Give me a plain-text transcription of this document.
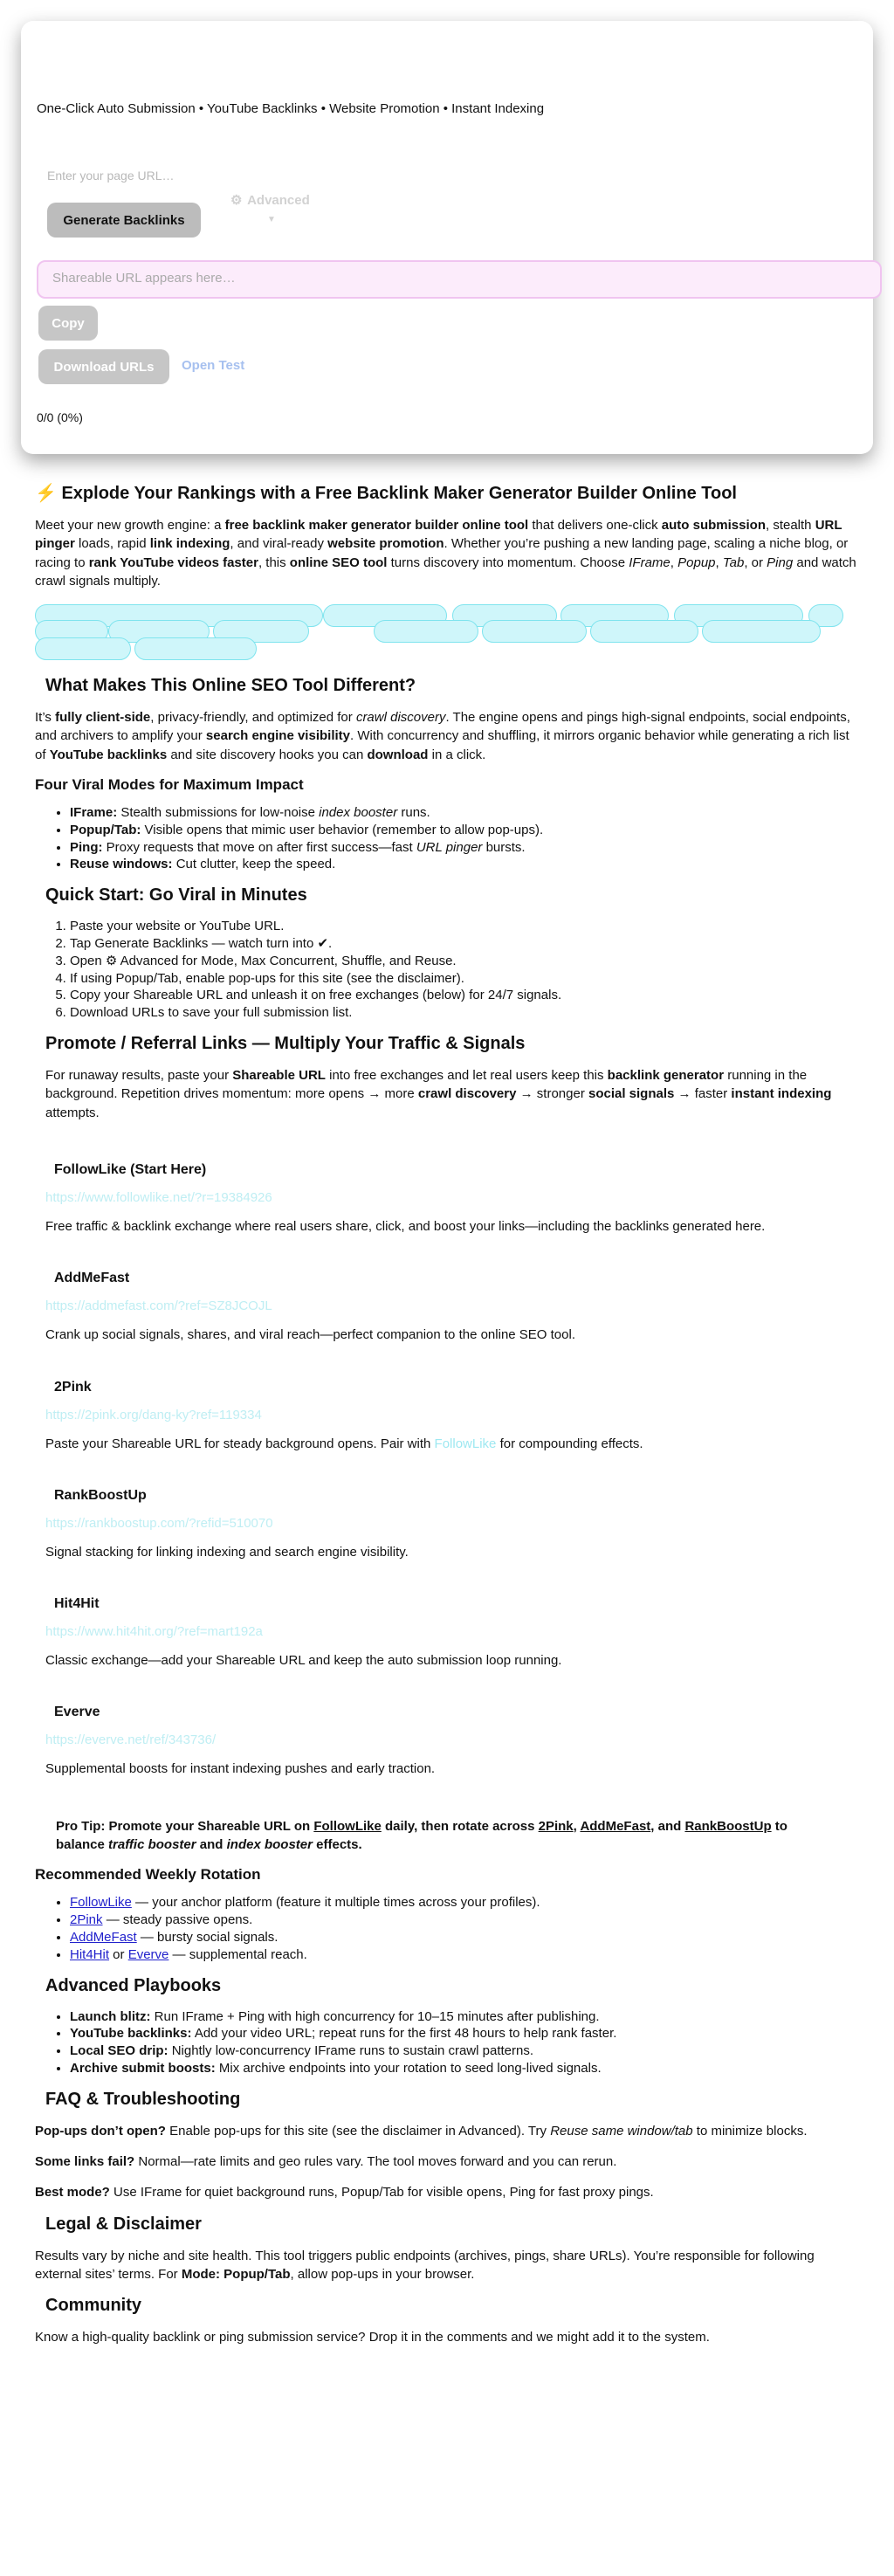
One-Click Auto Submission • YouTube Backlinks • Website Promotion • Instant Indexing
Enter your page URL…
Generate Backlinks
⚙ Advanced
▼
Shareable URL appears here…
Copy
Download URLs	Open Test
0/0 (0%)
⚡ Explode Your Rankings with a Free Backlink Maker Generator Builder Online Tool

Meet your new growth engine: a free backlink maker generator builder online tool that delivers one-click auto submission, stealth URL pinger loads, rapid link indexing, and viral-ready website promotion. Whether you’re pushing a new landing page, scaling a niche blog, or racing to rank YouTube videos faster, this online SEO tool turns discovery into momentum. Choose IFrame, Popup, Tab, or Ping and watch crawl signals multiply.

What Makes This Online SEO Tool Different?

It’s fully client-side, privacy-friendly, and optimized for crawl discovery. The engine opens and pings high-signal endpoints, social endpoints, and archivers to amplify your search engine visibility. With concurrency and shuffling, it mirrors organic behavior while generating a rich list of YouTube backlinks and site discovery hooks you can download in a click.

Four Viral Modes for Maximum Impact
• IFrame: Stealth submissions for low-noise index booster runs.
• Popup/Tab: Visible opens that mimic user behavior (remember to allow pop-ups).
• Ping: Proxy requests that move on after first success—fast URL pinger bursts.
• Reuse windows: Cut clutter, keep the speed.
Quick Start: Go Viral in Minutes
1. Paste your website or YouTube URL.
2. Tap Generate Backlinks — watch turn into ✔.
3. Open ⚙ Advanced for Mode, Max Concurrent, Shuffle, and Reuse.
4. If using Popup/Tab, enable pop-ups for this site (see the disclaimer).
5. Copy your Shareable URL and unleash it on free exchanges (below) for 24/7 signals.
6. Download URLs to save your full submission list.
Promote / Referral Links — Multiply Your Traffic & Signals

For runaway results, paste your Shareable URL into free exchanges and let real users keep this backlink generator running in the background. Repetition drives momentum: more opens → more crawl discovery → stronger social signals → faster instant indexing attempts.

FollowLike (Start Here)
https://www.followlike.net/?r=19384926

Free traffic & backlink exchange where real users share, click, and boost your links—including the backlinks generated here.

AddMeFast
https://addmefast.com/?ref=SZ8JCOJL

Crank up social signals, shares, and viral reach—perfect companion to the online SEO tool.

2Pink
https://2pink.org/dang-ky?ref=119334

Paste your Shareable URL for steady background opens. Pair with FollowLike for compounding effects.

RankBoostUp
https://rankboostup.com/?refid=510070

Signal stacking for linking indexing and search engine visibility.

Hit4Hit
https://www.hit4hit.org/?ref=mart192a

Classic exchange—add your Shareable URL and keep the auto submission loop running.

Everve
https://everve.net/ref/343736/

Supplemental boosts for instant indexing pushes and early traction.

Pro Tip: Promote your Shareable URL on FollowLike daily, then rotate across 2Pink, AddMeFast, and RankBoostUp to balance traffic booster and index booster effects.
Recommended Weekly Rotation
• FollowLike — your anchor platform (feature it multiple times across your profiles).
• 2Pink — steady passive opens.
• AddMeFast — bursty social signals.
• Hit4Hit or Everve — supplemental reach.
Advanced Playbooks
• Launch blitz: Run IFrame + Ping with high concurrency for 10–15 minutes after publishing.
• YouTube backlinks: Add your video URL; repeat runs for the first 48 hours to help rank faster.
• Local SEO drip: Nightly low-concurrency IFrame runs to sustain crawl patterns.
• Archive submit boosts: Mix archive endpoints into your rotation to seed long-lived signals.
FAQ & Troubleshooting

Pop-ups don’t open? Enable pop-ups for this site (see the disclaimer in Advanced). Try Reuse same window/tab to minimize blocks.

Some links fail? Normal—rate limits and geo rules vary. The tool moves forward and you can rerun.

Best mode? Use IFrame for quiet background runs, Popup/Tab for visible opens, Ping for fast proxy pings.

Legal & Disclaimer

Results vary by niche and site health. This tool triggers public endpoints (archives, pings, share URLs). You’re responsible for following external sites’ terms. For Mode: Popup/Tab, allow pop-ups in your browser.

Community

Know a high-quality backlink or ping submission service? Drop it in the comments and we might add it to the system.
